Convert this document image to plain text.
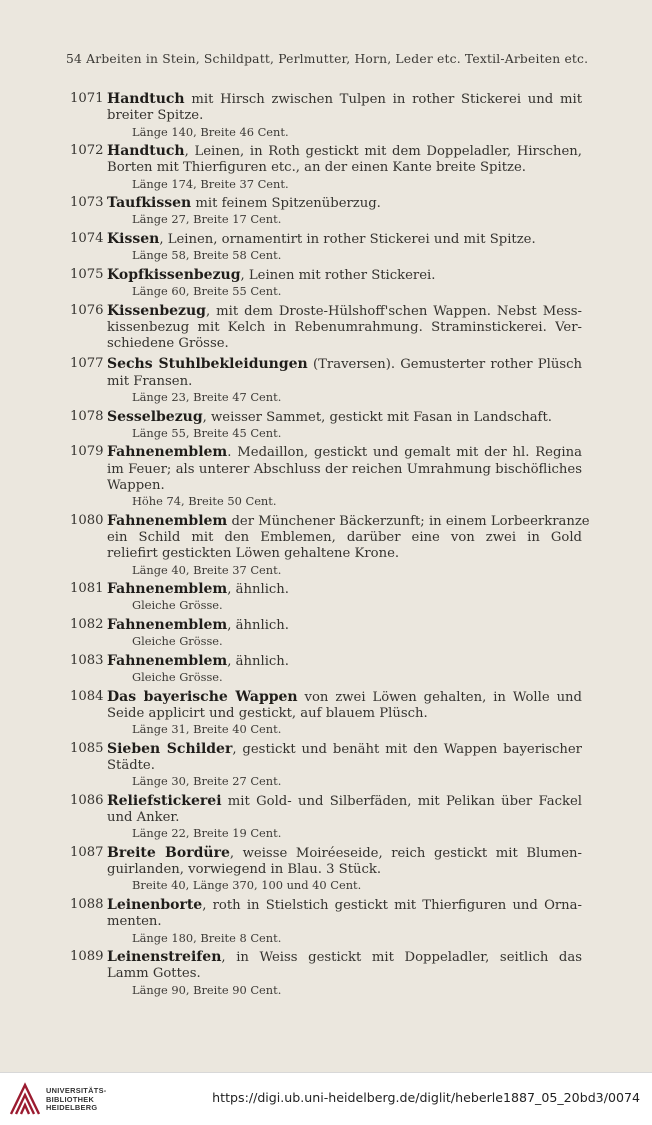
54 Arbeiten in Stein, Schildpatt, Perlmutter, Horn, Leder etc. Textil-Arbeiten etc.
1071 Handtuch mit Hirsch zwischen Tulpen in rother Stickerei und mit
breiter Spitze.
Länge 140, Breite 46 Cent.
1072 Handtuch, Leinen, in Roth gestickt mit dem Doppeladler, Hirschen,
Borten mit Thierfiguren etc., an der einen Kante breite Spitze.
Länge 174, Breite 37 Cent.
1073 Taufkissen mit feinem Spitzenüberzug.
Länge 27, Breite 17 Cent.
1074 Kissen, Leinen, ornamentirt in rother Stickerei und mit Spitze.
Länge 58, Breite 58 Cent.
1075 Kopfkissenbezug, Leinen mit rother Stickerei.
Länge 60, Breite 55 Cent.
1076 Kissenbezug, mit dem Droste-Hülshoff'schen Wappen. Nebst Mess-
kissenbezug mit Kelch in Rebenumrahmung. Straminstickerei. Ver-
schiedene Grösse.
1077 Sechs Stuhlbekleidungen (Traversen). Gemusterter rother Plüsch
mit Fransen.
Länge 23, Breite 47 Cent.
1078 Sesselbezug, weisser Sammet, gestickt mit Fasan in Landschaft.
Länge 55, Breite 45 Cent.
1079 Fahnenemblem. Medaillon, gestickt und gemalt mit der hl. Regina
im Feuer; als unterer Abschluss der reichen Umrahmung bischöfliches
Wappen.
Höhe 74, Breite 50 Cent.
1080 Fahnenemblem der Münchener Bäckerzunft; in einem Lorbeerkranze
ein Schild mit den Emblemen, darüber eine von zwei in Gold
reliefirt gestickten Löwen gehaltene Krone.
Länge 40, Breite 37 Cent.
1081 Fahnenemblem, ähnlich.
Gleiche Grösse.
1082 Fahnenemblem, ähnlich.
Gleiche Grösse.
1083 Fahnenemblem, ähnlich.
Gleiche Grösse.
1084 Das bayerische Wappen von zwei Löwen gehalten, in Wolle und
Seide applicirt und gestickt, auf blauem Plüsch.
Länge 31, Breite 40 Cent.
1085 Sieben Schilder, gestickt und benäht mit den Wappen bayerischer
Städte.
Länge 30, Breite 27 Cent.
1086 Reliefstickerei mit Gold- und Silberfäden, mit Pelikan über Fackel
und Anker.
Länge 22, Breite 19 Cent.
1087 Breite Bordüre, weisse Moiréeseide, reich gestickt mit Blumen-
guirlanden, vorwiegend in Blau. 3 Stück.
Breite 40, Länge 370, 100 und 40 Cent.
1088 Leinenborte, roth in Stielstich gestickt mit Thierfiguren und Orna-
menten.
Länge 180, Breite 8 Cent.
1089 Leinenstreifen, in Weiss gestickt mit Doppeladler, seitlich das
Lamm Gottes.
Länge 90, Breite 90 Cent.
UNIVERSITÄTS-
BIBLIOTHEK
HEIDELBERG
https://digi.ub.uni-heidelberg.de/diglit/heberle1887_05_20bd3/0074
